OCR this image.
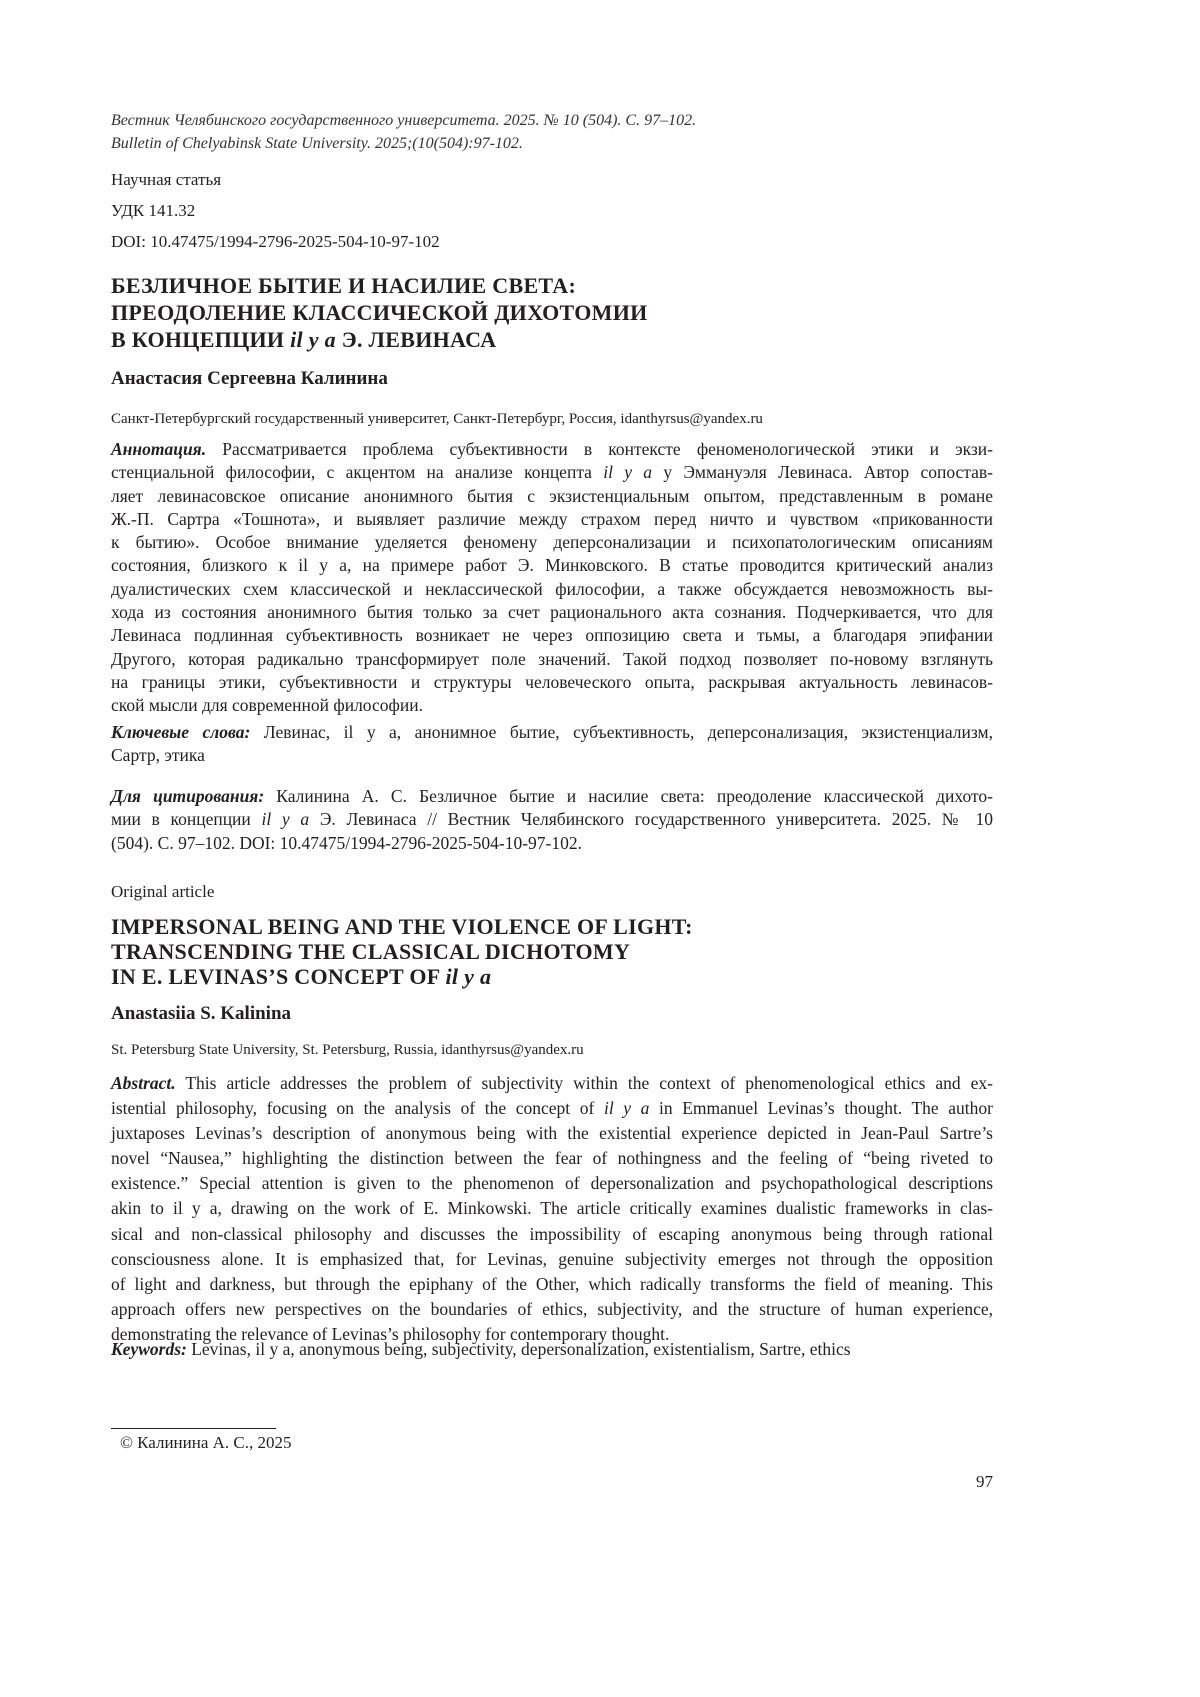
Вестник Челябинского государственного университета. 2025. № 10 (504). С. 97–102.
Bulletin of Chelyabinsk State University. 2025;(10(504):97-102.
Научная статья
УДК 141.32
DOI: 10.47475/1994-2796-2025-504-10-97-102
БЕЗЛИЧНОЕ БЫТИЕ И НАСИЛИЕ СВЕТА:
ПРЕОДОЛЕНИЕ КЛАССИЧЕСКОЙ ДИХОТОМИИ
В КОНЦЕПЦИИ il y a Э. ЛЕВИНАСА
Анастасия Сергеевна Калинина
Санкт-Петербургский государственный университет, Санкт-Петербург, Россия, idanthyrsus@yandex.ru
Аннотация. Рассматривается проблема субъективности в контексте феноменологической этики и экзи-
стенциальной философии, с акцентом на анализе концепта il y a у Эммануэля Левинаса. Автор сопостав-
ляет левинасовское описание анонимного бытия с экзистенциальным опытом, представленным в романе
Ж.-П. Сартра «Тошнота», и выявляет различие между страхом перед ничто и чувством «прикованности
к бытию». Особое внимание уделяется феномену деперсонализации и психопатологическим описаниям
состояния, близкого к il y a, на примере работ Э. Минковского. В статье проводится критический анализ
дуалистических схем классической и неклассической философии, а также обсуждается невозможность вы-
хода из состояния анонимного бытия только за счет рационального акта сознания. Подчеркивается, что для
Левинаса подлинная субъективность возникает не через оппозицию света и тьмы, а благодаря эпифании
Другого, которая радикально трансформирует поле значений. Такой подход позволяет по-новому взглянуть
на границы этики, субъективности и структуры человеческого опыта, раскрывая актуальность левинасов-
ской мысли для современной философии.
Ключевые слова: Левинас, il y a, анонимное бытие, субъективность, деперсонализация, экзистенциализм,
Сартр, этика
Для цитирования: Калинина А. С. Безличное бытие и насилие света: преодоление классической дихото-
мии в концепции il y a Э. Левинаса // Вестник Челябинского государственного университета. 2025. № 10
(504). С. 97–102. DOI: 10.47475/1994-2796-2025-504-10-97-102.
Original article
IMPERSONAL BEING AND THE VIOLENCE OF LIGHT:
TRANSCENDING THE CLASSICAL DICHOTOMY
IN E. LEVINAS’S CONCEPT OF il y a
Anastasiia S. Kalinina
St. Petersburg State University, St. Petersburg, Russia, idanthyrsus@yandex.ru
Abstract. This article addresses the problem of subjectivity within the context of phenomenological ethics and ex-
istential philosophy, focusing on the analysis of the concept of il y a in Emmanuel Levinas’s thought. The author
juxtaposes Levinas’s description of anonymous being with the existential experience depicted in Jean-Paul Sartre’s
novel “Nausea,” highlighting the distinction between the fear of nothingness and the feeling of “being riveted to
existence.” Special attention is given to the phenomenon of depersonalization and psychopathological descriptions
akin to il y a, drawing on the work of E. Minkowski. The article critically examines dualistic frameworks in clas-
sical and non-classical philosophy and discusses the impossibility of escaping anonymous being through rational
consciousness alone. It is emphasized that, for Levinas, genuine subjectivity emerges not through the opposition
of light and darkness, but through the epiphany of the Other, which radically transforms the field of meaning. This
approach offers new perspectives on the boundaries of ethics, subjectivity, and the structure of human experience,
demonstrating the relevance of Levinas’s philosophy for contemporary thought.
Keywords: Levinas, il y a, anonymous being, subjectivity, depersonalization, existentialism, Sartre, ethics
© Калинина А. С., 2025
97
